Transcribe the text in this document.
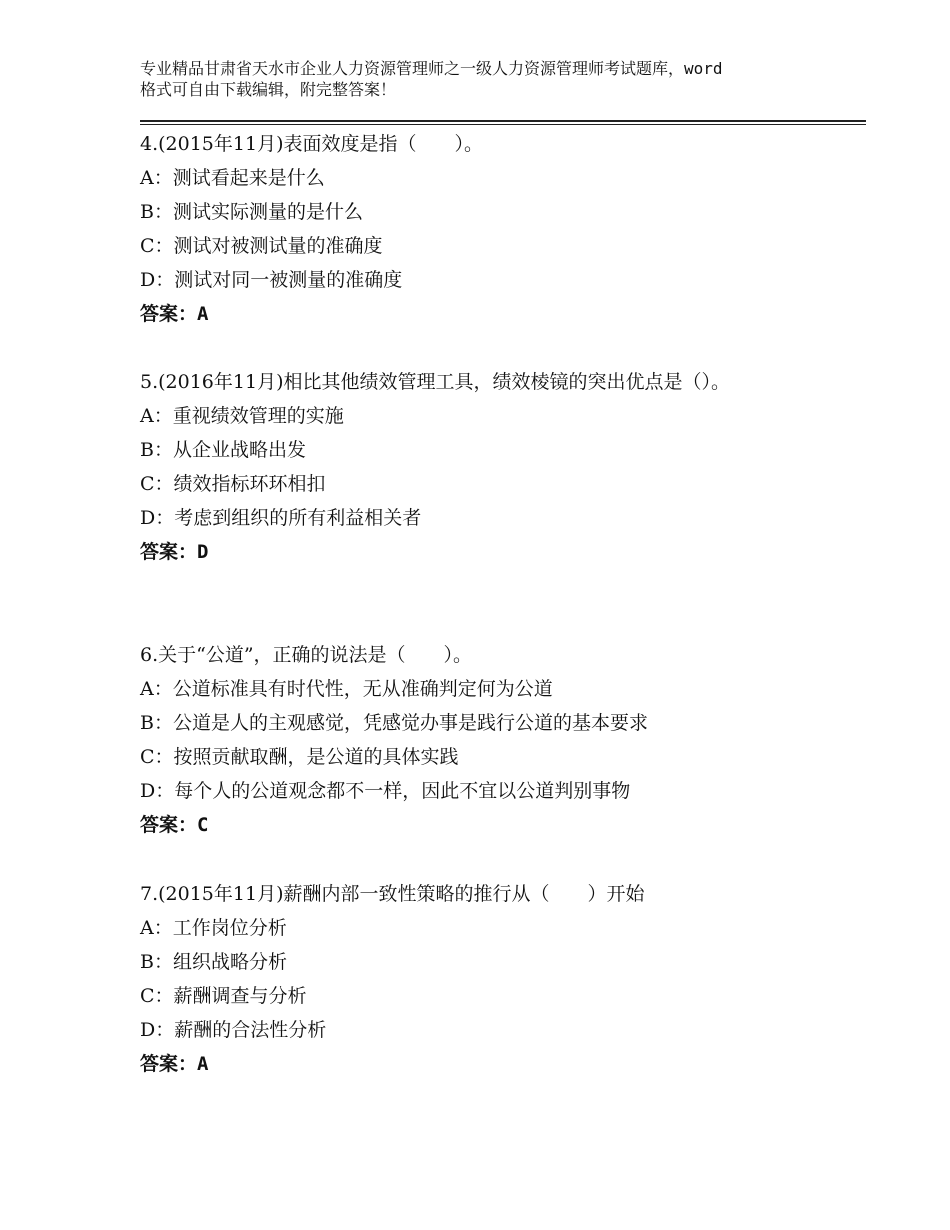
专业精品甘肃省天水市企业人力资源管理师之一级人力资源管理师考试题库，word
格式可自由下载编辑，附完整答案！
4.(2015年11月)表面效度是指（　　）。
A：测试看起来是什么
B：测试实际测量的是什么
C：测试对被测试量的准确度
D：测试对同一被测量的准确度
答案：A
5.(2016年11月)相比其他绩效管理工具，绩效棱镜的突出优点是（）。
A：重视绩效管理的实施
B：从企业战略出发
C：绩效指标环环相扣
D：考虑到组织的所有利益相关者
答案：D
6.关于“公道”，正确的说法是（　　）。
A：公道标准具有时代性，无从准确判定何为公道
B：公道是人的主观感觉，凭感觉办事是践行公道的基本要求
C：按照贡献取酬，是公道的具体实践
D：每个人的公道观念都不一样，因此不宜以公道判别事物
答案：C
7.(2015年11月)薪酬内部一致性策略的推行从（　　）开始
A：工作岗位分析
B：组织战略分析
C：薪酬调查与分析
D：薪酬的合法性分析
答案：A
